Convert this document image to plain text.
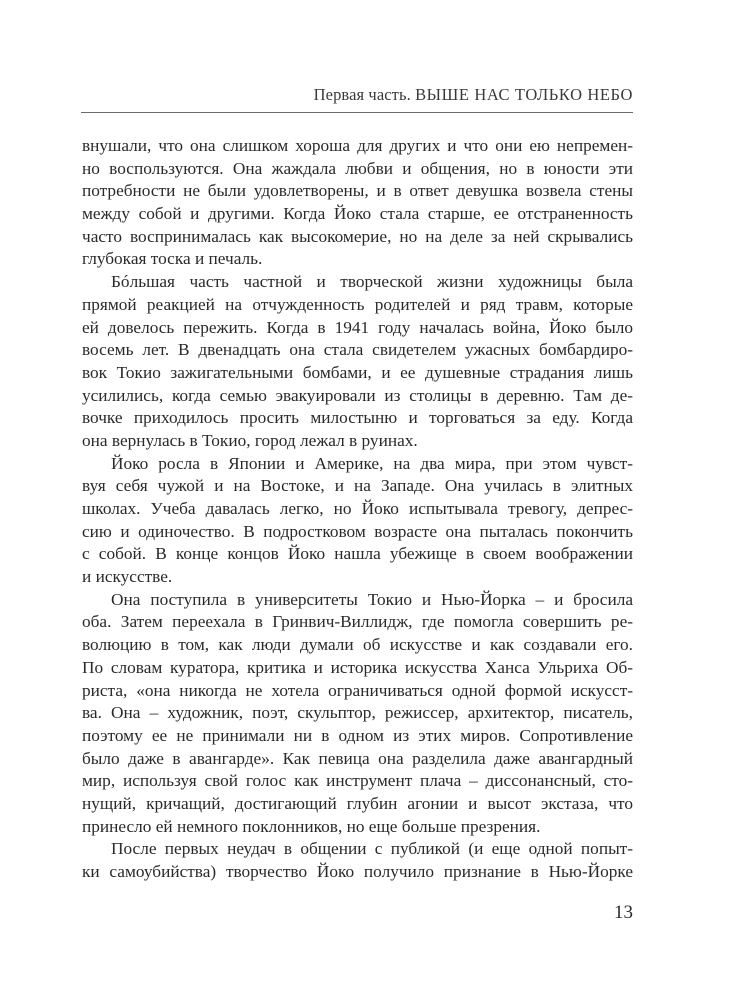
Первая часть. ВЫШЕ НАС ТОЛЬКО НЕБО
внушали, что она слишком хороша для других и что они ею непремен-
но воспользуются. Она жаждала любви и общения, но в юности эти
потребности не были удовлетворены, и в ответ девушка возвела стены
между собой и другими. Когда Йоко стала старше, ее отстраненность
часто воспринималась как высокомерие, но на деле за ней скрывались
глубокая тоска и печаль.
Бóльшая часть частной и творческой жизни художницы была
прямой реакцией на отчужденность родителей и ряд травм, которые
ей довелось пережить. Когда в 1941 году началась война, Йоко было
восемь лет. В двенадцать она стала свидетелем ужасных бомбардиро-
вок Токио зажигательными бомбами, и ее душевные страдания лишь
усилились, когда семью эвакуировали из столицы в деревню. Там де-
вочке приходилось просить милостыню и торговаться за еду. Когда
она вернулась в Токио, город лежал в руинах.
Йоко росла в Японии и Америке, на два мира, при этом чувст-
вуя себя чужой и на Востоке, и на Западе. Она училась в элитных
школах. Учеба давалась легко, но Йоко испытывала тревогу, депрес-
сию и одиночество. В подростковом возрасте она пыталась покончить
с собой. В конце концов Йоко нашла убежище в своем воображении
и искусстве.
Она поступила в университеты Токио и Нью-Йорка – и бросила
оба. Затем переехала в Гринвич-Виллидж, где помогла совершить ре-
волюцию в том, как люди думали об искусстве и как создавали его.
По словам куратора, критика и историка искусства Ханса Ульриха Об-
риста, «она никогда не хотела ограничиваться одной формой искусст-
ва. Она – художник, поэт, скульптор, режиссер, архитектор, писатель,
поэтому ее не принимали ни в одном из этих миров. Сопротивление
было даже в авангарде». Как певица она разделила даже авангардный
мир, используя свой голос как инструмент плача – диссонансный, сто-
нущий, кричащий, достигающий глубин агонии и высот экстаза, что
принесло ей немного поклонников, но еще больше презрения.
После первых неудач в общении с публикой (и еще одной попыт-
ки самоубийства) творчество Йоко получило признание в Нью-Йорке
13
